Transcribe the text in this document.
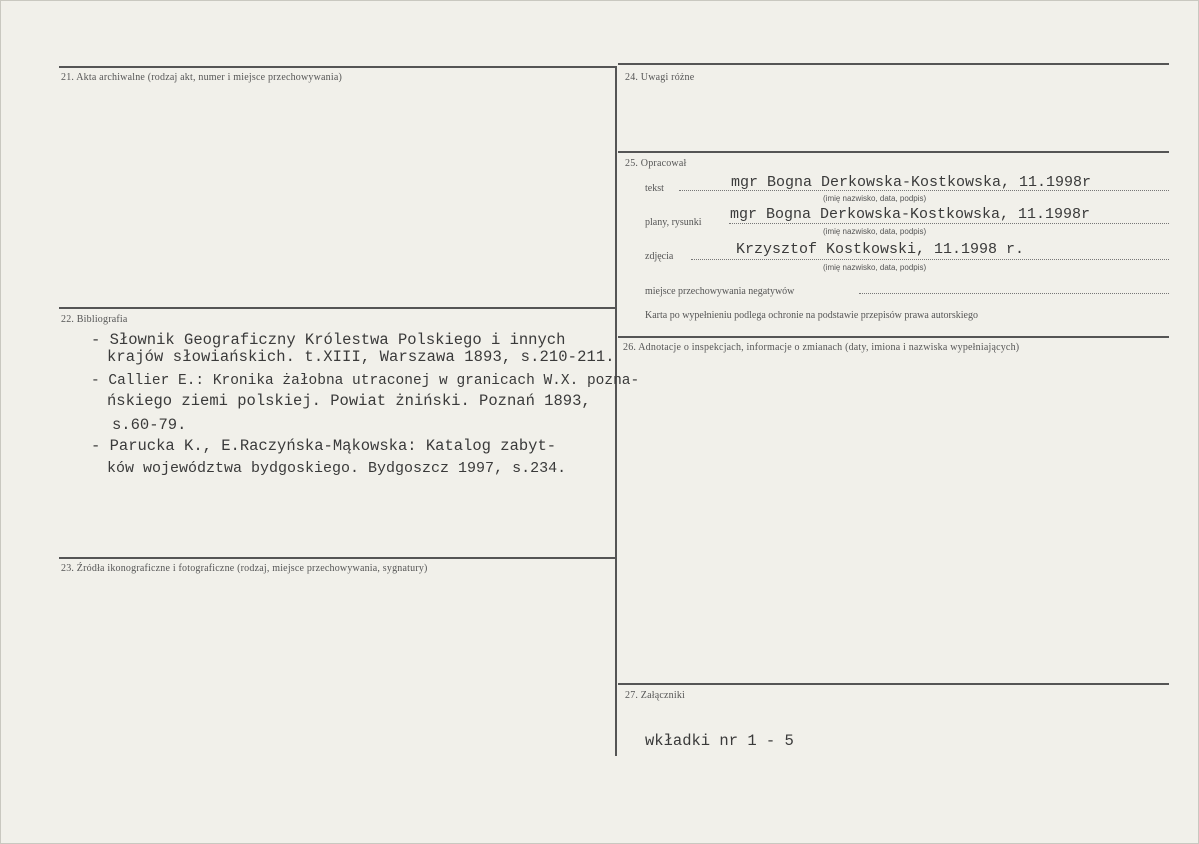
21. Akta archiwalne (rodzaj akt, numer i miejsce przechowywania)
22. Bibliografia
- Słownik Geograficzny Królestwa Polskiego i innych
krajów słowiańskich. t.XIII, Warszawa 1893, s.210-211.
- Callier E.: Kronika żałobna utraconej w granicach W.X. pozna-
ńskiego ziemi polskiej. Powiat żniński. Poznań 1893,
s.60-79.
- Parucka K., E.Raczyńska-Mąkowska: Katalog zabyt-
ków województwa bydgoskiego. Bydgoszcz 1997, s.234.
23. Źródła ikonograficzne i fotograficzne (rodzaj, miejsce przechowywania, sygnatury)
24. Uwagi różne
25. Opracował
tekst	mgr Bogna Derkowska-Kostkowska, 11.1998r
(imię nazwisko, data, podpis)
plany, rysunki mgr Bogna Derkowska-Kostkowska, 11.1998r
(imię nazwisko, data, podpis)
zdjęcia	Krzysztof Kostkowski, 11.1998 r.
(imię nazwisko, data, podpis)
miejsce przechowywania negatywów
Karta po wypełnieniu podlega ochronie na podstawie przepisów prawa autorskiego
26. Adnotacje o inspekcjach, informacje o zmianach (daty, imiona i nazwiska wypełniających)
27. Załączniki
wkładki nr 1 - 5
